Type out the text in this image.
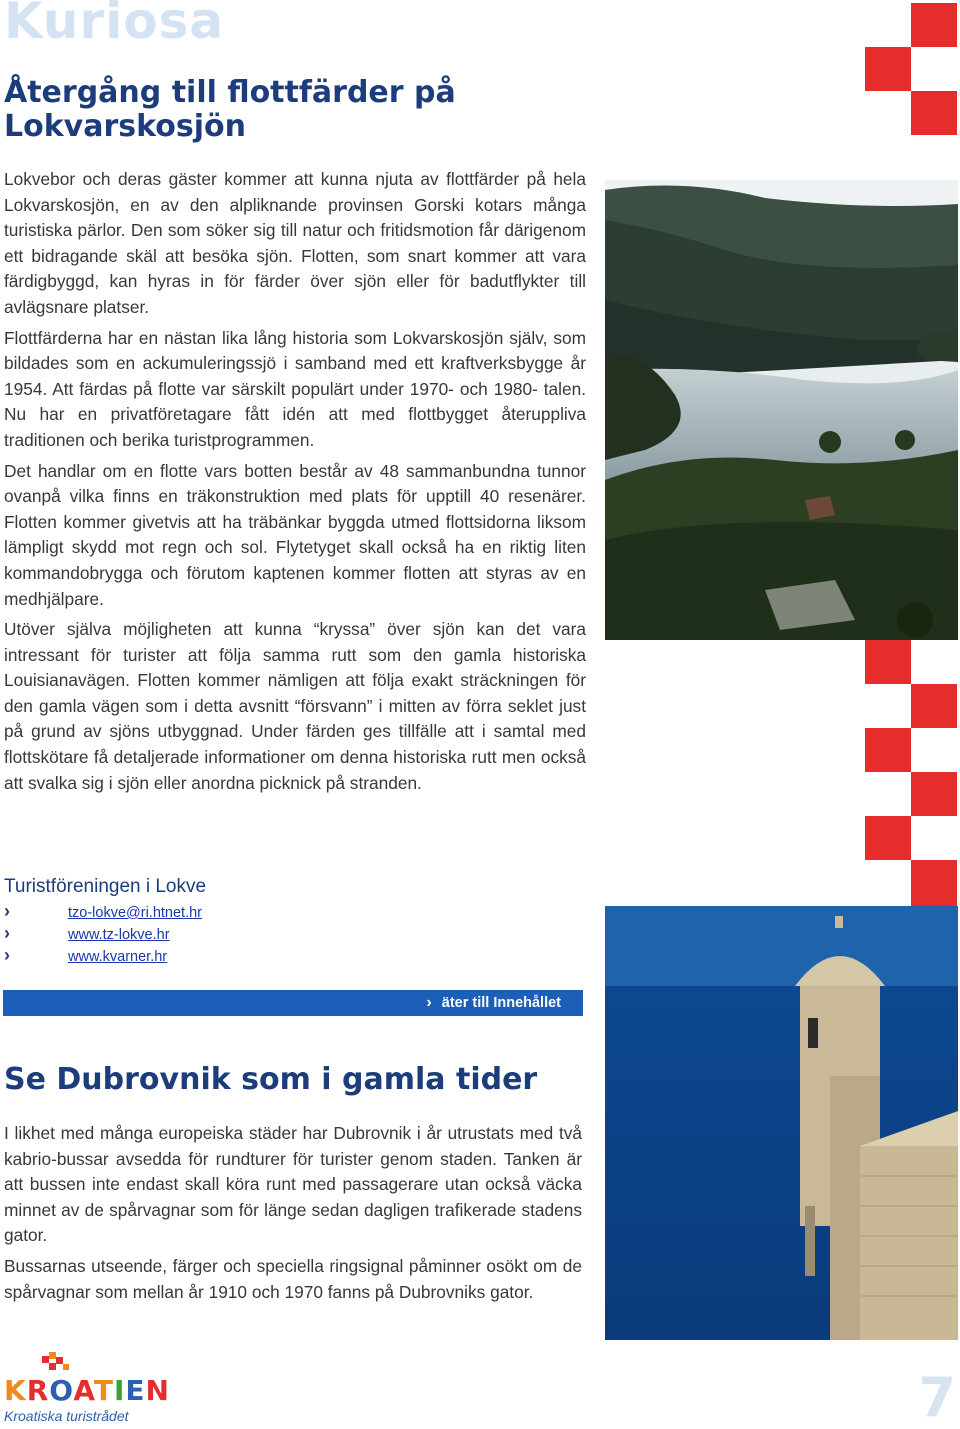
Kuriosa
Återgång till flottfärder på Lokvarskosjön

Lokvebor och deras gäster kommer att kunna njuta av flottfärder på hela Lokvarskosjön, en av den alpliknande provinsen Gorski kotars många turistiska pärlor. Den som söker sig till natur och fritidsmotion får därigenom ett bidragande skäl att besöka sjön. Flotten, som snart kommer att vara färdigbyggd, kan hyras in för färder över sjön eller för badutflykter till avlägsnare platser.

Flottfärderna har en nästan lika lång historia som Lokvarskosjön själv, som bildades som en ackumuleringssjö i samband med ett kraftverksbygge år 1954. Att färdas på flotte var särskilt populärt under 1970- och 1980- talen. Nu har en privatföretagare fått idén att med flottbygget återuppliva traditionen och berika turistprogrammen.

Det handlar om en flotte vars botten består av 48 sammanbundna tunnor ovanpå vilka finns en träkonstruktion med plats för upptill 40 resenärer. Flotten kommer givetvis att ha träbänkar byggda utmed flottsidorna liksom lämpligt skydd mot regn och sol. Flytetyget skall också ha en riktig liten kommandobrygga och förutom kaptenen kommer flotten att styras av en medhjälpare.

Utöver själva möjligheten att kunna “kryssa” över sjön kan det vara intressant för turister att följa samma rutt som den gamla historiska Louisianavägen. Flotten kommer nämligen att följa exakt sträckningen för den gamla vägen som i detta avsnitt “försvann” i mitten av förra seklet just på grund av sjöns utbyggnad. Under färden ges tillfälle att i samtal med flottskötare få detaljerade informationer om denna historiska rutt men också att svalka sig i sjön eller anordna picknick på stranden.

Turistföreningen i Lokve
›	tzo-lokve@ri.htnet.hr
›	www.tz-lokve.hr
›	www.kvarner.hr
› äter till Innehållet
Se Dubrovnik som i gamla tider

I likhet med många europeiska städer har Dubrovnik i år utrustats med två kabrio-bussar avsedda för rundturer för turister genom staden. Tanken är att bussen inte endast skall köra runt med passagerare utan också väcka minnet av de spårvagnar som för länge sedan dagligen trafikerade stadens gator.

Bussarnas utseende, färger och speciella ringsignal påminner osökt om de spårvagnar som mellan år 1910 och 1970 fanns på Dubrovniks gator.

KROATIEN
Kroatiska turistrådet	7
